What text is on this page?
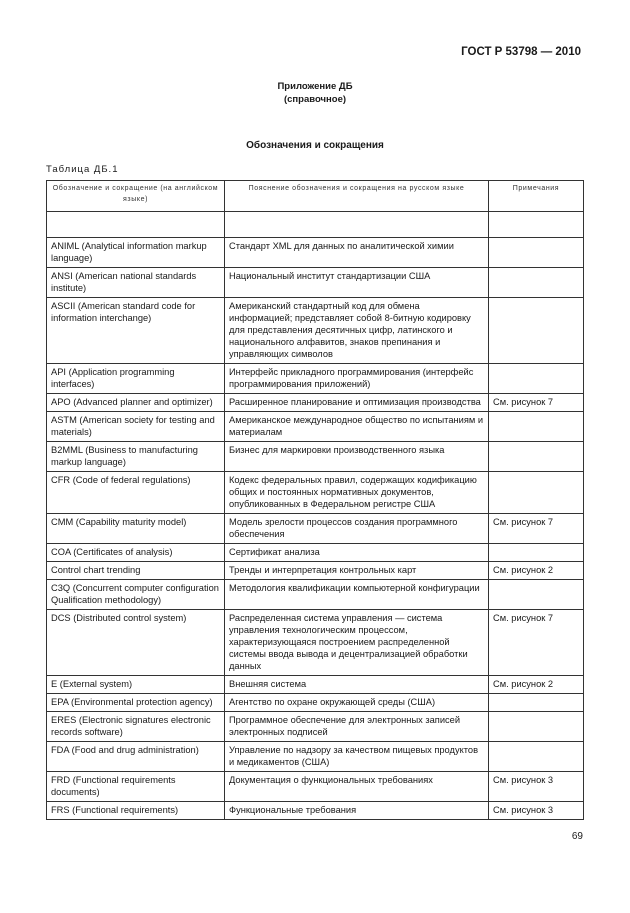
ГОСТ Р 53798 — 2010
Приложение ДБ
(справочное)
Обозначения и сокращения
Таблица ДБ.1
Обозначение и сокращение (на английском языке)	Пояснение обозначения и сокращения на русском языке	Примечания

ANIML (Analytical information markup language)	Стандарт XML для данных по аналитической химии	
ANSI (American national standards institute)	Национальный институт стандартизации США	
ASCII (American standard code for information interchange)	Американский стандартный код для обмена информацией; представляет собой 8-битную кодировку для представления десятичных цифр, латинского и национального алфавитов, знаков препинания и управляющих символов	
API (Application programming interfaces)	Интерфейс прикладного программирования (интерфейс программирования приложений)	
APO (Advanced planner and optimizer)	Расширенное планирование и оптимизация производства	См. рисунок 7
ASTM (American society for testing and materials)	Американское международное общество по испытаниям и материалам	
B2MML (Business to manufacturing markup language)	Бизнес для маркировки производственного языка	
CFR (Code of federal regulations)	Кодекс федеральных правил, содержащих кодификацию общих и постоянных нормативных документов, опубликованных в Федеральном регистре США	
CMM (Capability maturity model)	Модель зрелости процессов создания программного обеспечения	См. рисунок 7
COA (Certificates of analysis)	Сертификат анализа	
Control chart trending	Тренды и интерпретация контрольных карт	См. рисунок 2
C3Q (Concurrent computer configuration Qualification methodology)	Методология квалификации компьютерной конфигурации	
DCS (Distributed control system)	Распределенная система управления — система управления технологическим процессом, характеризующаяся построением распределенной системы ввода вывода и децентрализацией обработки данных	См. рисунок 7
E (External system)	Внешняя система	См. рисунок 2
EPA (Environmental protection agency)	Агентство по охране окружающей среды (США)	
ERES (Electronic signatures electronic records software)	Программное обеспечение для электронных записей электронных подписей	
FDA (Food and drug administration)	Управление по надзору за качеством пищевых продуктов и медикаментов (США)	
FRD (Functional requirements documents)	Документация о функциональных требованиях	См. рисунок 3
FRS (Functional requirements)	Функциональные требования	См. рисунок 3
69
